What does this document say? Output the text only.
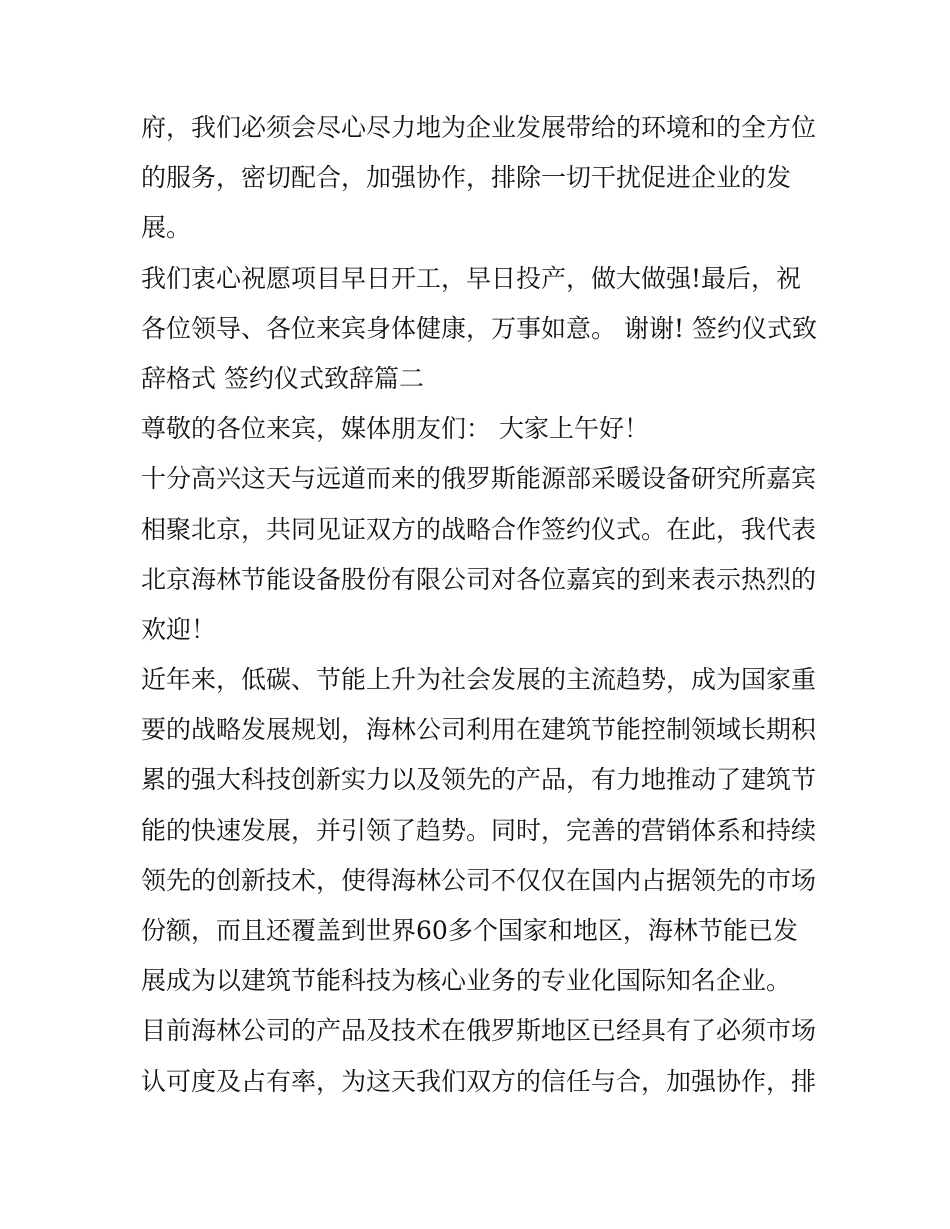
府，我们必须会尽心尽力地为企业发展带给的环境和的全方位
的服务，密切配合，加强协作，排除一切干扰促进企业的发
展。
我们衷心祝愿项目早日开工，早日投产，做大做强!最后，祝
各位领导、各位来宾身体健康，万事如意。 谢谢! 签约仪式致
辞格式 签约仪式致辞篇二
尊敬的各位来宾，媒体朋友们： 大家上午好！
十分高兴这天与远道而来的俄罗斯能源部采暖设备研究所嘉宾
相聚北京，共同见证双方的战略合作签约仪式。在此，我代表
北京海林节能设备股份有限公司对各位嘉宾的到来表示热烈的
欢迎！
近年来，低碳、节能上升为社会发展的主流趋势，成为国家重
要的战略发展规划，海林公司利用在建筑节能控制领域长期积
累的强大科技创新实力以及领先的产品，有力地推动了建筑节
能的快速发展，并引领了趋势。同时，完善的营销体系和持续
领先的创新技术，使得海林公司不仅仅在国内占据领先的市场
份额，而且还覆盖到世界60多个国家和地区，海林节能已发
展成为以建筑节能科技为核心业务的专业化国际知名企业。
目前海林公司的产品及技术在俄罗斯地区已经具有了必须市场
认可度及占有率，为这天我们双方的信任与合，加强协作，排
